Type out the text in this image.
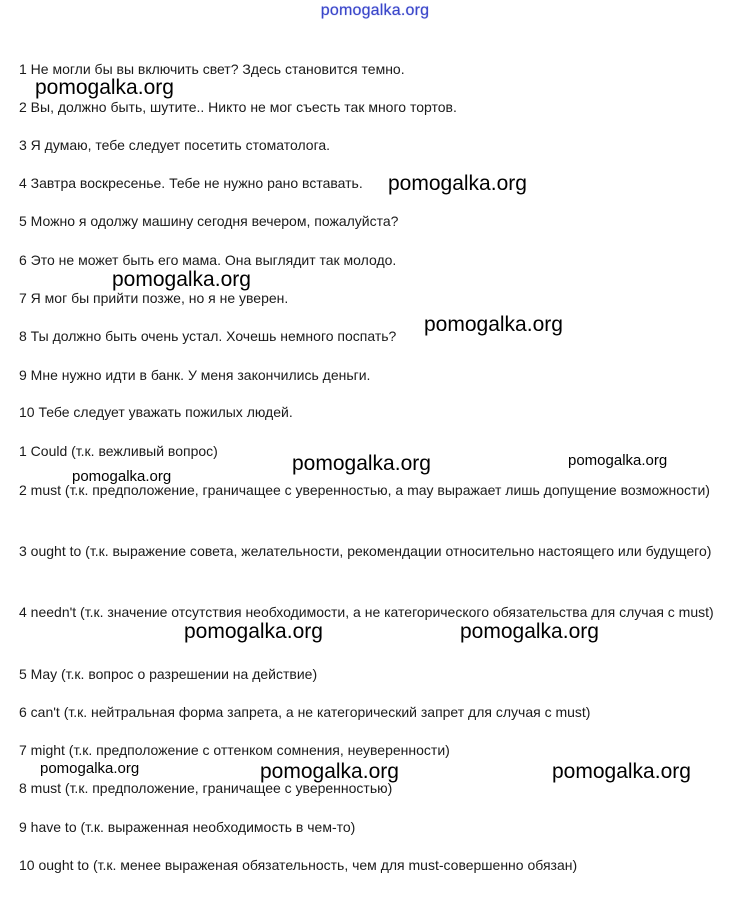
pomogalka.org
1 Не могли бы вы включить свет? Здесь становится темно.
2 Вы, должно быть, шутите.. Никто не мог съесть так много тортов.
3 Я думаю, тебе следует посетить стоматолога.
4 Завтра воскресенье. Тебе не нужно рано вставать.
5 Можно я одолжу машину сегодня вечером, пожалуйста?
6 Это не может быть его мама. Она выглядит так молодо.
7 Я мог бы прийти позже, но я не уверен.
8 Ты должно быть очень устал. Хочешь немного поспать?
9 Мне нужно идти в банк. У меня закончились деньги.
10 Тебе следует уважать пожилых людей.
1 Could (т.к. вежливый вопрос)
2 must (т.к. предположение, граничащее с уверенностью, а may выражает лишь допущение возможности)
3 ought to (т.к. выражение совета, желательности, рекомендации относительно настоящего или будущего)
4 needn't (т.к. значение отсутствия необходимости, а не категорического обязательства для случая с must)
5 May (т.к. вопрос о разрешении на действие)
6 can't (т.к. нейтральная форма запрета, а не категорический запрет для случая с must)
7 might (т.к. предположение с оттенком сомнения, неуверенности)
8 must (т.к. предположение, граничащее с уверенностью)
9 have to (т.к. выраженная необходимость в чем-то)
10 ought to (т.к. менее выраженая обязательность, чем для must-совершенно обязан)
pomogalka.org
pomogalka.org
pomogalka.org
pomogalka.org
pomogalka.org	pomogalka.org
pomogalka.org
pomogalka.org	pomogalka.org
pomogalka.org	pomogalka.org	pomogalka.org
